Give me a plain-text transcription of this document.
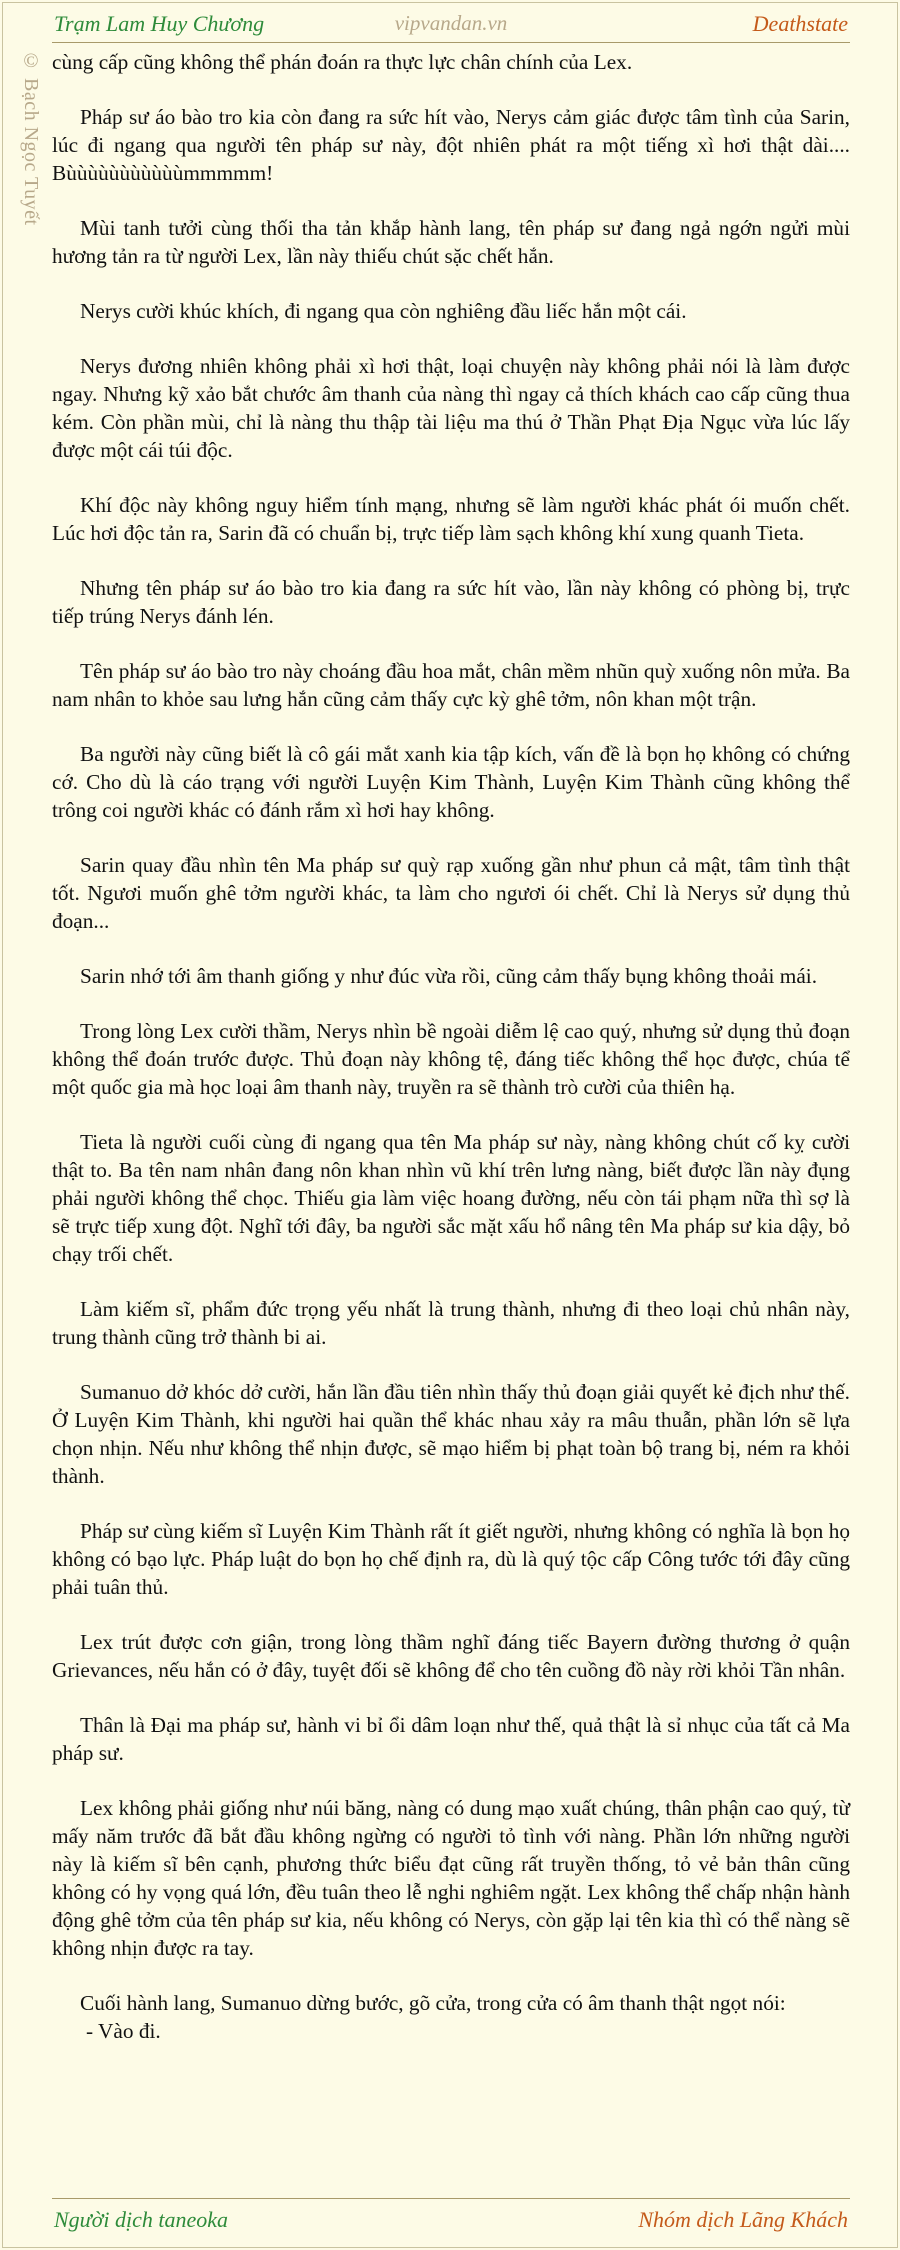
Trạm Lam Huy Chương	vipvandan.vn	Deathstate
© Bạch Ngọc Tuyết cùng cấp cũng không thể phán đoán ra thực lực chân chính của Lex.

Pháp sư áo bào tro kia còn đang ra sức hít vào, Nerys cảm giác được tâm tình của Sarin, lúc đi ngang qua người tên pháp sư này, đột nhiên phát ra một tiếng xì hơi thật dài.... Bùùùùùùùùùùùmmmmm!

Mùi tanh tưởi cùng thối tha tản khắp hành lang, tên pháp sư đang ngả ngớn ngửi mùi hương tản ra từ người Lex, lần này thiếu chút sặc chết hắn.

Nerys cười khúc khích, đi ngang qua còn nghiêng đầu liếc hắn một cái.

Nerys đương nhiên không phải xì hơi thật, loại chuyện này không phải nói là làm được ngay. Nhưng kỹ xảo bắt chước âm thanh của nàng thì ngay cả thích khách cao cấp cũng thua kém. Còn phần mùi, chỉ là nàng thu thập tài liệu ma thú ở Thần Phạt Địa Ngục vừa lúc lấy được một cái túi độc.

Khí độc này không nguy hiểm tính mạng, nhưng sẽ làm người khác phát ói muốn chết. Lúc hơi độc tản ra, Sarin đã có chuẩn bị, trực tiếp làm sạch không khí xung quanh Tieta.

Nhưng tên pháp sư áo bào tro kia đang ra sức hít vào, lần này không có phòng bị, trực tiếp trúng Nerys đánh lén.

Tên pháp sư áo bào tro này choáng đầu hoa mắt, chân mềm nhũn quỳ xuống nôn mửa. Ba nam nhân to khỏe sau lưng hắn cũng cảm thấy cực kỳ ghê tởm, nôn khan một trận.

Ba người này cũng biết là cô gái mắt xanh kia tập kích, vấn đề là bọn họ không có chứng cớ. Cho dù là cáo trạng với người Luyện Kim Thành, Luyện Kim Thành cũng không thể trông coi người khác có đánh rắm xì hơi hay không.

Sarin quay đầu nhìn tên Ma pháp sư quỳ rạp xuống gần như phun cả mật, tâm tình thật tốt. Ngươi muốn ghê tởm người khác, ta làm cho ngươi ói chết. Chỉ là Nerys sử dụng thủ đoạn...

Sarin nhớ tới âm thanh giống y như đúc vừa rồi, cũng cảm thấy bụng không thoải mái.

Trong lòng Lex cười thầm, Nerys nhìn bề ngoài diễm lệ cao quý, nhưng sử dụng thủ đoạn không thể đoán trước được. Thủ đoạn này không tệ, đáng tiếc không thể học được, chúa tể một quốc gia mà học loại âm thanh này, truyền ra sẽ thành trò cười của thiên hạ.

Tieta là người cuối cùng đi ngang qua tên Ma pháp sư này, nàng không chút cố kỵ cười thật to. Ba tên nam nhân đang nôn khan nhìn vũ khí trên lưng nàng, biết được lần này đụng phải người không thể chọc. Thiếu gia làm việc hoang đường, nếu còn tái phạm nữa thì sợ là sẽ trực tiếp xung đột. Nghĩ tới đây, ba người sắc mặt xấu hổ nâng tên Ma pháp sư kia dậy, bỏ chạy trối chết.

Làm kiếm sĩ, phẩm đức trọng yếu nhất là trung thành, nhưng đi theo loại chủ nhân này, trung thành cũng trở thành bi ai.

Sumanuo dở khóc dở cười, hắn lần đầu tiên nhìn thấy thủ đoạn giải quyết kẻ địch như thế. Ở Luyện Kim Thành, khi người hai quần thể khác nhau xảy ra mâu thuẫn, phần lớn sẽ lựa chọn nhịn. Nếu như không thể nhịn được, sẽ mạo hiểm bị phạt toàn bộ trang bị, ném ra khỏi thành.

Pháp sư cùng kiếm sĩ Luyện Kim Thành rất ít giết người, nhưng không có nghĩa là bọn họ không có bạo lực. Pháp luật do bọn họ chế định ra, dù là quý tộc cấp Công tước tới đây cũng phải tuân thủ.

Lex trút được cơn giận, trong lòng thầm nghĩ đáng tiếc Bayern đường thương ở quận Grievances, nếu hắn có ở đây, tuyệt đối sẽ không để cho tên cuồng đồ này rời khỏi Tần nhân.

Thân là Đại ma pháp sư, hành vi bỉ ổi dâm loạn như thế, quả thật là sỉ nhục của tất cả Ma pháp sư.

Lex không phải giống như núi băng, nàng có dung mạo xuất chúng, thân phận cao quý, từ mấy năm trước đã bắt đầu không ngừng có người tỏ tình với nàng. Phần lớn những người này là kiếm sĩ bên cạnh, phương thức biểu đạt cũng rất truyền thống, tỏ vẻ bản thân cũng không có hy vọng quá lớn, đều tuân theo lễ nghi nghiêm ngặt. Lex không thể chấp nhận hành động ghê tởm của tên pháp sư kia, nếu không có Nerys, còn gặp lại tên kia thì có thể nàng sẽ không nhịn được ra tay.

Cuối hành lang, Sumanuo dừng bước, gõ cửa, trong cửa có âm thanh thật ngọt nói:

- Vào đi.

Người dịch taneoka	Nhóm dịch Lãng Khách
